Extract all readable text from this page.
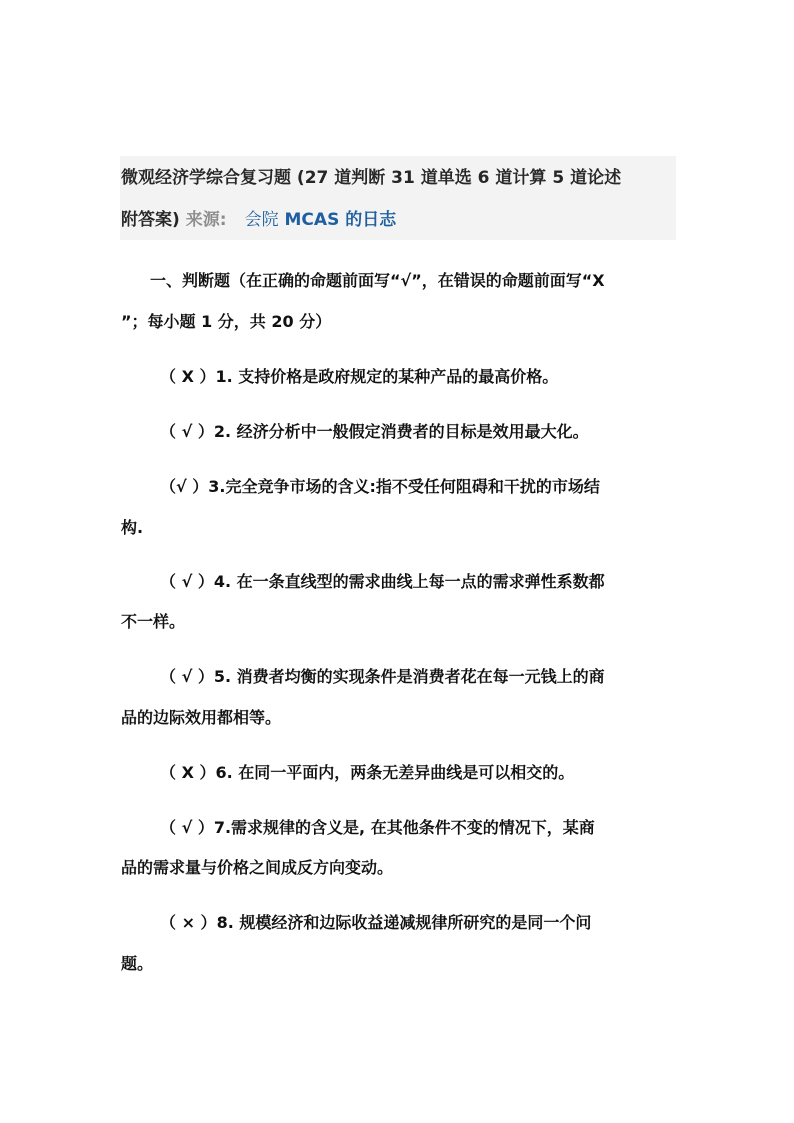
微观经济学综合复习题 (27 道判断 31 道单选 6 道计算 5 道论述
附答案) 来源: 会院 MCAS 的日志
一、判断题（在正确的命题前面写“√”，在错误的命题前面写“X
”；每小题 1 分，共 20 分）
（ X ）1. 支持价格是政府规定的某种产品的最高价格。
（ √ ）2. 经济分析中一般假定消费者的目标是效用最大化。
（√ ）3.完全竞争市场的含义:指不受任何阻碍和干扰的市场结
构.
（ √ ）4. 在一条直线型的需求曲线上每一点的需求弹性系数都
不一样。
（ √ ）5. 消费者均衡的实现条件是消费者花在每一元钱上的商
品的边际效用都相等。
（ X ）6. 在同一平面内，两条无差异曲线是可以相交的。
（ √ ）7.需求规律的含义是, 在其他条件不变的情况下，某商
品的需求量与价格之间成反方向变动。
（ × ）8. 规模经济和边际收益递减规律所研究的是同一个问
题。
